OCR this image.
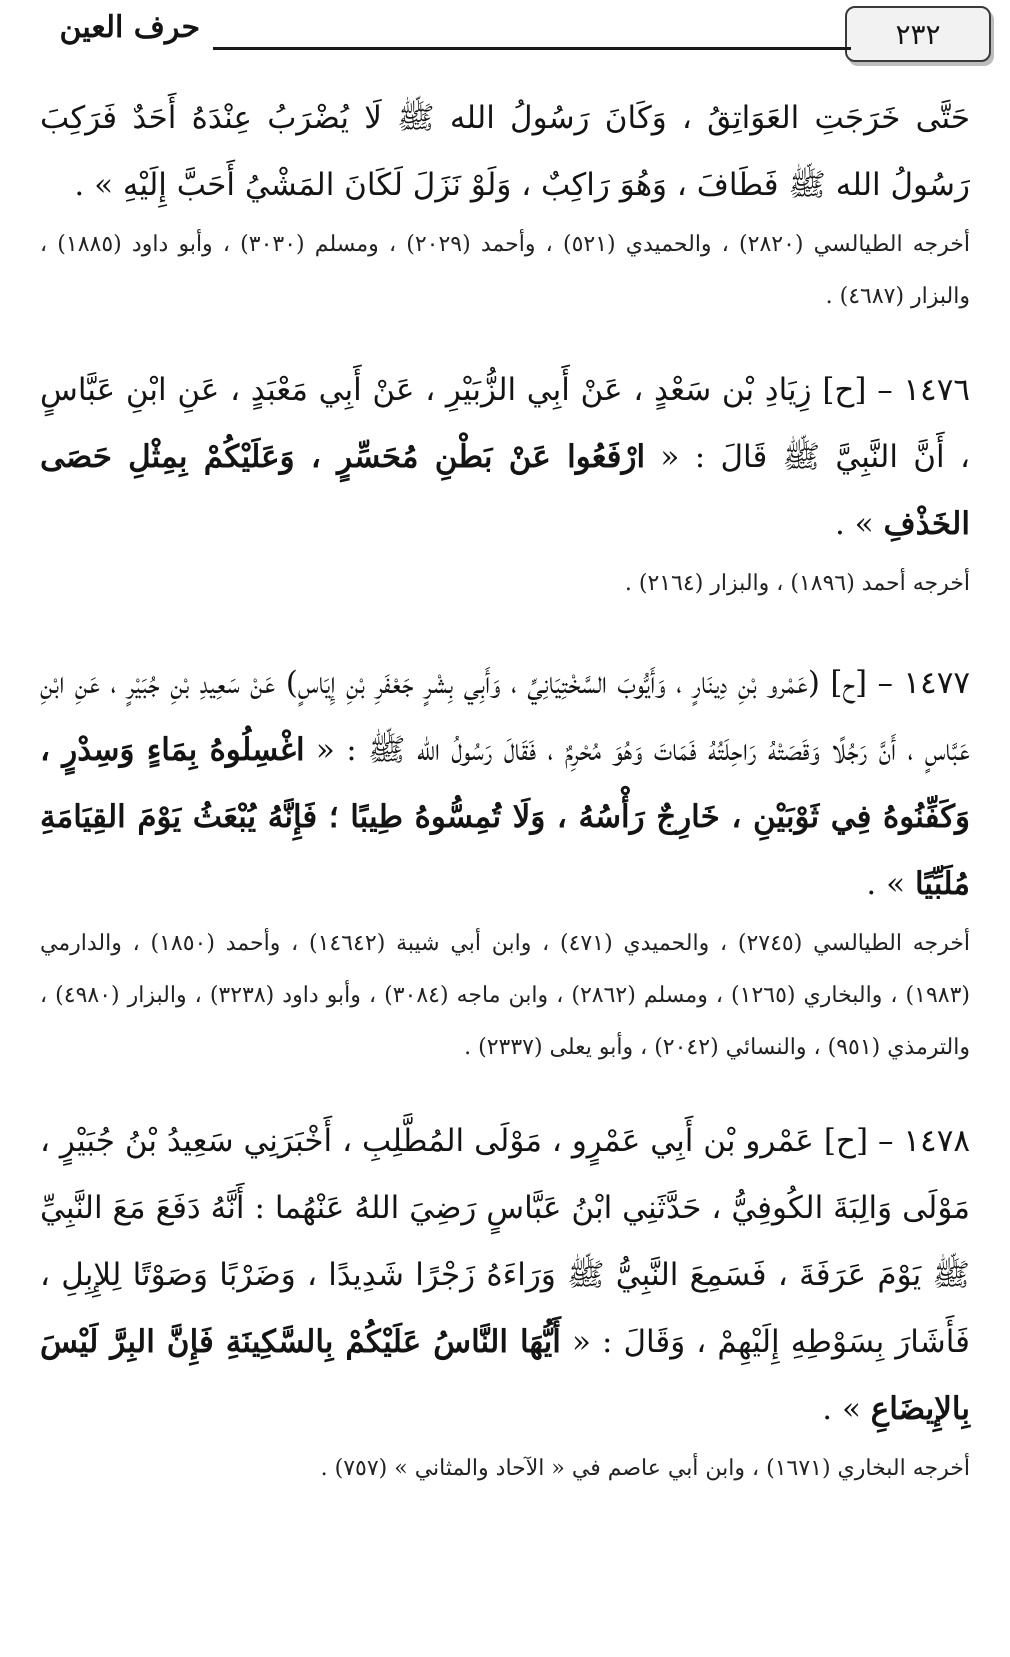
٢٣٢
حرف العين

حَتَّى خَرَجَتِ العَوَاتِقُ ، وَكَانَ رَسُولُ الله ﷺ لَا يُضْرَبُ عِنْدَهُ أَحَدٌ فَرَكِبَ رَسُولُ الله ﷺ فَطَافَ ، وَهُوَ رَاكِبٌ ، وَلَوْ نَزَلَ لَكَانَ المَشْيُ أَحَبَّ إِلَيْهِ » .

أخرجه الطيالسي (٢٨٢٠) ، والحميدي (٥٢١) ، وأحمد (٢٠٢٩) ، ومسلم (٣٠٣٠) ، وأبو داود (١٨٨٥) ، والبزار (٤٦٨٧) .

١٤٧٦ – [ح] زِيَادِ بْن سَعْدٍ ، عَنْ أَبِي الزُّبَيْرِ ، عَنْ أَبِي مَعْبَدٍ ، عَنِ ابْنِ عَبَّاسٍ ، أَنَّ النَّبِيَّ ﷺ قَالَ : « ارْفَعُوا عَنْ بَطْنِ مُحَسِّرٍ ، وَعَلَيْكُمْ بِمِثْلِ حَصَى الخَذْفِ » .

أخرجه أحمد (١٨٩٦) ، والبزار (٢١٦٤) .

١٤٧٧ – [ح] (عَمْرو بْنِ دِينَارٍ ، وَأَيُّوبَ السَّخْتِيَانِيِّ ، وَأَبِي بِشْرٍ جَعْفَرِ بْنِ إِيَاسٍ) عَنْ سَعِيدِ بْنِ جُبَيْرٍ ، عَنِ ابْنِ عَبَّاسٍ ، أَنَّ رَجُلًا وَقَصَتْهُ رَاحِلَتُهُ فَمَاتَ وَهُوَ مُحْرِمٌ ، فَقَالَ رَسُولُ الله ﷺ : « اغْسِلُوهُ بِمَاءٍ وَسِدْرٍ ، وَكَفِّنُوهُ فِي ثَوْبَيْنِ ، خَارِجٌ رَأْسُهُ ، وَلَا تُمِسُّوهُ طِيبًا ؛ فَإِنَّهُ يُبْعَثُ يَوْمَ القِيَامَةِ مُلَبِّيًا » .

أخرجه الطيالسي (٢٧٤٥) ، والحميدي (٤٧١) ، وابن أبي شيبة (١٤٦٤٢) ، وأحمد (١٨٥٠) ، والدارمي (١٩٨٣) ، والبخاري (١٢٦٥) ، ومسلم (٢٨٦٢) ، وابن ماجه (٣٠٨٤) ، وأبو داود (٣٢٣٨) ، والبزار (٤٩٨٠) ، والترمذي (٩٥١) ، والنسائي (٢٠٤٢) ، وأبو يعلى (٢٣٣٧) .

١٤٧٨ – [ح] عَمْرو بْن أَبِي عَمْرٍو ، مَوْلَى المُطَّلِبِ ، أَخْبَرَنِي سَعِيدُ بْنُ جُبَيْرٍ ، مَوْلَى وَالِبَةَ الكُوفِيُّ ، حَدَّثَنِي ابْنُ عَبَّاسٍ رَضِيَ اللهُ عَنْهُما : أَنَّهُ دَفَعَ مَعَ النَّبِيِّ ﷺ يَوْمَ عَرَفَةَ ، فَسَمِعَ النَّبِيُّ ﷺ وَرَاءَهُ زَجْرًا شَدِيدًا ، وَضَرْبًا وَصَوْتًا لِلإِبِلِ ، فَأَشَارَ بِسَوْطِهِ إِلَيْهِمْ ، وَقَالَ : « أَيُّهَا النَّاسُ عَلَيْكُمْ بِالسَّكِينَةِ فَإِنَّ البِرَّ لَيْسَ بِالإِيضَاعِ » .

أخرجه البخاري (١٦٧١) ، وابن أبي عاصم في « الآحاد والمثاني » (٧٥٧) .
